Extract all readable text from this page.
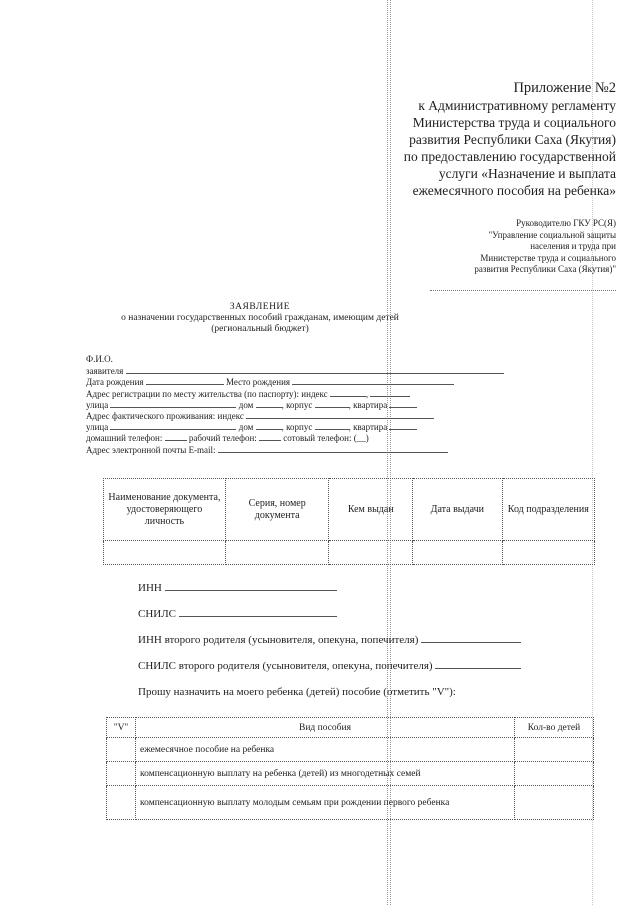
Приложение №2
к Административному регламенту
Министерства труда и социального
развития Республики Саха (Якутия)
по предоставлению государственной
услуги «Назначение и выплата
ежемесячного пособия на ребенка»
Руководителю ГКУ РС(Я)
"Управление социальной защиты
населения и труда при
Министерстве труда и социального
развития Республики Саха (Якутия)"
ЗАЯВЛЕНИЕ
о назначении государственных пособий гражданам, имеющим детей
(региональный бюджет)
Ф.И.О.
заявителя
Дата рождения	Место рождения
Адрес регистрации по месту жительства (по паспорту): индекс	,
улица	дом	, корпус	, квартира
Адрес фактического проживания: индекс
улица	дом	, корпус	, квартира
домашний телефон:	рабочий телефон:	сотовый телефон: (__)
Адрес электронной почты E-mail:
Наименование документа, удостоверяющего личность	Серия, номер документа	Кем выдан	Дата выдачи	Код подразделения

ИНН
СНИЛС
ИНН второго родителя (усыновителя, опекуна, попечителя)
СНИЛС второго родителя (усыновителя, опекуна, попечителя)
Прошу назначить на моего ребенка (детей) пособие (отметить "V"):
"V"	Вид пособия	Кол-во детей
	ежемесячное пособие на ребенка	
	компенсационную выплату на ребенка (детей) из многодетных семей	
	компенсационную выплату молодым семьям при рождении первого ребенка	
